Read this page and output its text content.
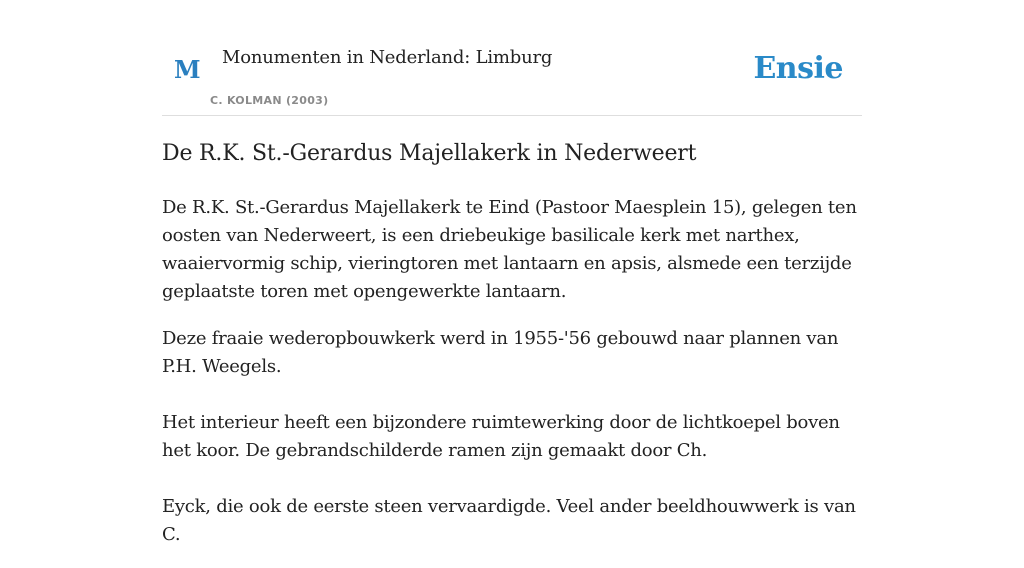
M Monumenten in Nederland: Limburg
C. KOLMAN (2003)
Ensie
De R.K. St.-Gerardus Majellakerk in Nederweert

De R.K. St.-Gerardus Majellakerk te Eind (Pastoor Maesplein 15), gelegen ten oosten van Nederweert, is een driebeukige basilicale kerk met narthex, waaiervormig schip, vieringtoren met lantaarn en apsis, alsmede een terzijde geplaatste toren met opengewerkte lantaarn.

Deze fraaie wederopbouwkerk werd in 1955-'56 gebouwd naar plannen van P.H. Weegels.

Het interieur heeft een bijzondere ruimtewerking door de lichtkoepel boven het koor. De gebrandschilderde ramen zijn gemaakt door Ch.

Eyck, die ook de eerste steen vervaardigde. Veel ander beeldhouwwerk is van C.
